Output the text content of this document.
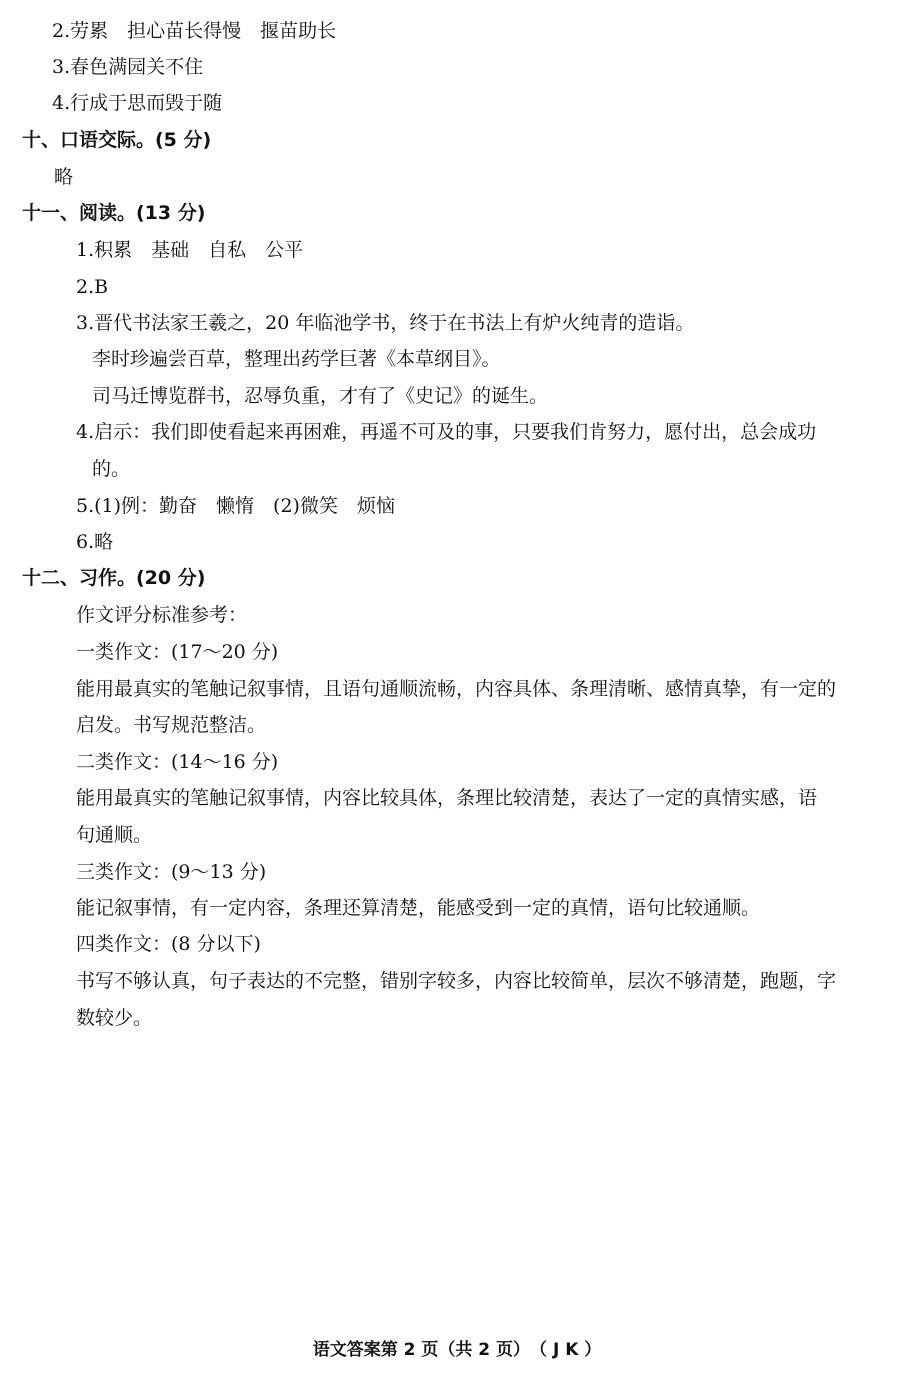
2.劳累　担心苗长得慢　揠苗助长
3.春色满园关不住
4.行成于思而毁于随
十、口语交际。(5 分)
略
十一、阅读。(13 分)
1.积累　基础　自私　公平
2.B
3.晋代书法家王羲之，20 年临池学书，终于在书法上有炉火纯青的造诣。
李时珍遍尝百草，整理出药学巨著《本草纲目》。
司马迁博览群书，忍辱负重，才有了《史记》的诞生。
4.启示：我们即使看起来再困难，再遥不可及的事，只要我们肯努力，愿付出，总会成功
的。
5.(1)例：勤奋　懒惰　(2)微笑　烦恼
6.略
十二、习作。(20 分)
作文评分标准参考：
一类作文：(17～20 分)
能用最真实的笔触记叙事情，且语句通顺流畅，内容具体、条理清晰、感情真挚，有一定的
启发。书写规范整洁。
二类作文：(14～16 分)
能用最真实的笔触记叙事情，内容比较具体，条理比较清楚，表达了一定的真情实感，语
句通顺。
三类作文：(9～13 分)
能记叙事情，有一定内容，条理还算清楚，能感受到一定的真情，语句比较通顺。
四类作文：(8 分以下)
书写不够认真，句子表达的不完整，错别字较多，内容比较简单，层次不够清楚，跑题，字
数较少。
语文答案第 2 页（共 2 页）　（ J K ）
